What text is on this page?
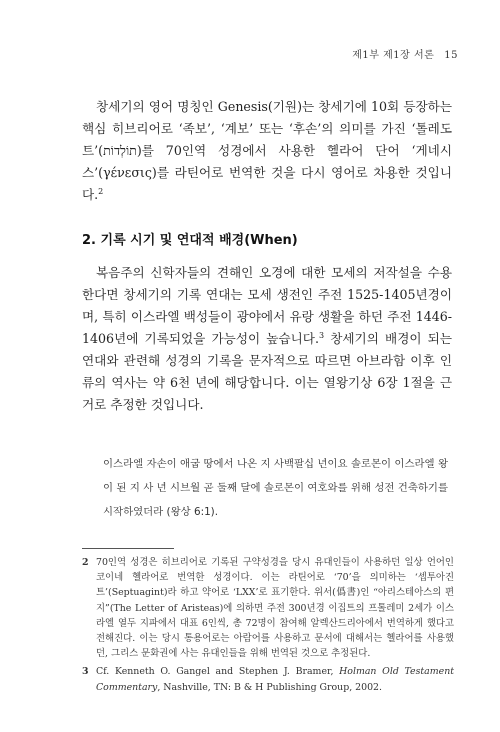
제1부 제1장 서론 15

창세기의 영어 명칭인 Genesis(기원)는 창세기에 10회 등장하는 핵심 히브리어로 ‘족보’, ‘계보’ 또는 ‘후손’의 의미를 가진 ‘톨레도트’(תוֹלְדוֹת)를 70인역 성경에서 사용한 헬라어 단어 ‘게네시스’(γένεσις)를 라틴어로 번역한 것을 다시 영어로 차용한 것입니다.$^2$

2. 기록 시기 및 연대적 배경(When)

복음주의 신학자들의 견해인 오경에 대한 모세의 저작설을 수용한다면 창세기의 기록 연대는 모세 생전인 주전 1525-1405년경이며, 특히 이스라엘 백성들이 광야에서 유랑 생활을 하던 주전 1446-1406년에 기록되었을 가능성이 높습니다.$^3$ 창세기의 배경이 되는 연대와 관련해 성경의 기록을 문자적으로 따르면 아브라함 이후 인류의 역사는 약 6천 년에 해당합니다. 이는 열왕기상 6장 1절을 근거로 추정한 것입니다.

이스라엘 자손이 애굽 땅에서 나온 지 사백팔십 년이요 솔로몬이 이스라엘 왕이 된 지 사 년 시브월 곧 둘째 달에 솔로몬이 여호와를 위해 성전 건축하기를 시작하였더라 (왕상 6:1).

2 70인역 성경은 히브리어로 기록된 구약성경을 당시 유대인들이 사용하던 일상 언어인 코이네 헬라어로 번역한 성경이다. 이는 라틴어로 ‘70’을 의미하는 ‘셉투아진트’(Septuagint)라 하고 약어로 ‘LXX’로 표기한다. 위서(僞書)인 “아리스테아스의 편지”(The Letter of Aristeas)에 의하면 주전 300년경 이집트의 프톨레미 2세가 이스라엘 열두 지파에서 대표 6인씩, 총 72명이 참여해 알렉산드리아에서 번역하게 했다고 전해진다. 이는 당시 통용어로는 아람어를 사용하고 문서에 대해서는 헬라어를 사용했던, 그리스 문화권에 사는 유대인들을 위해 번역된 것으로 추정된다.
3 Cf. Kenneth O. Gangel and Stephen J. Bramer, Holman Old Testament Commentary, Nashville, TN: B & H Publishing Group, 2002.
